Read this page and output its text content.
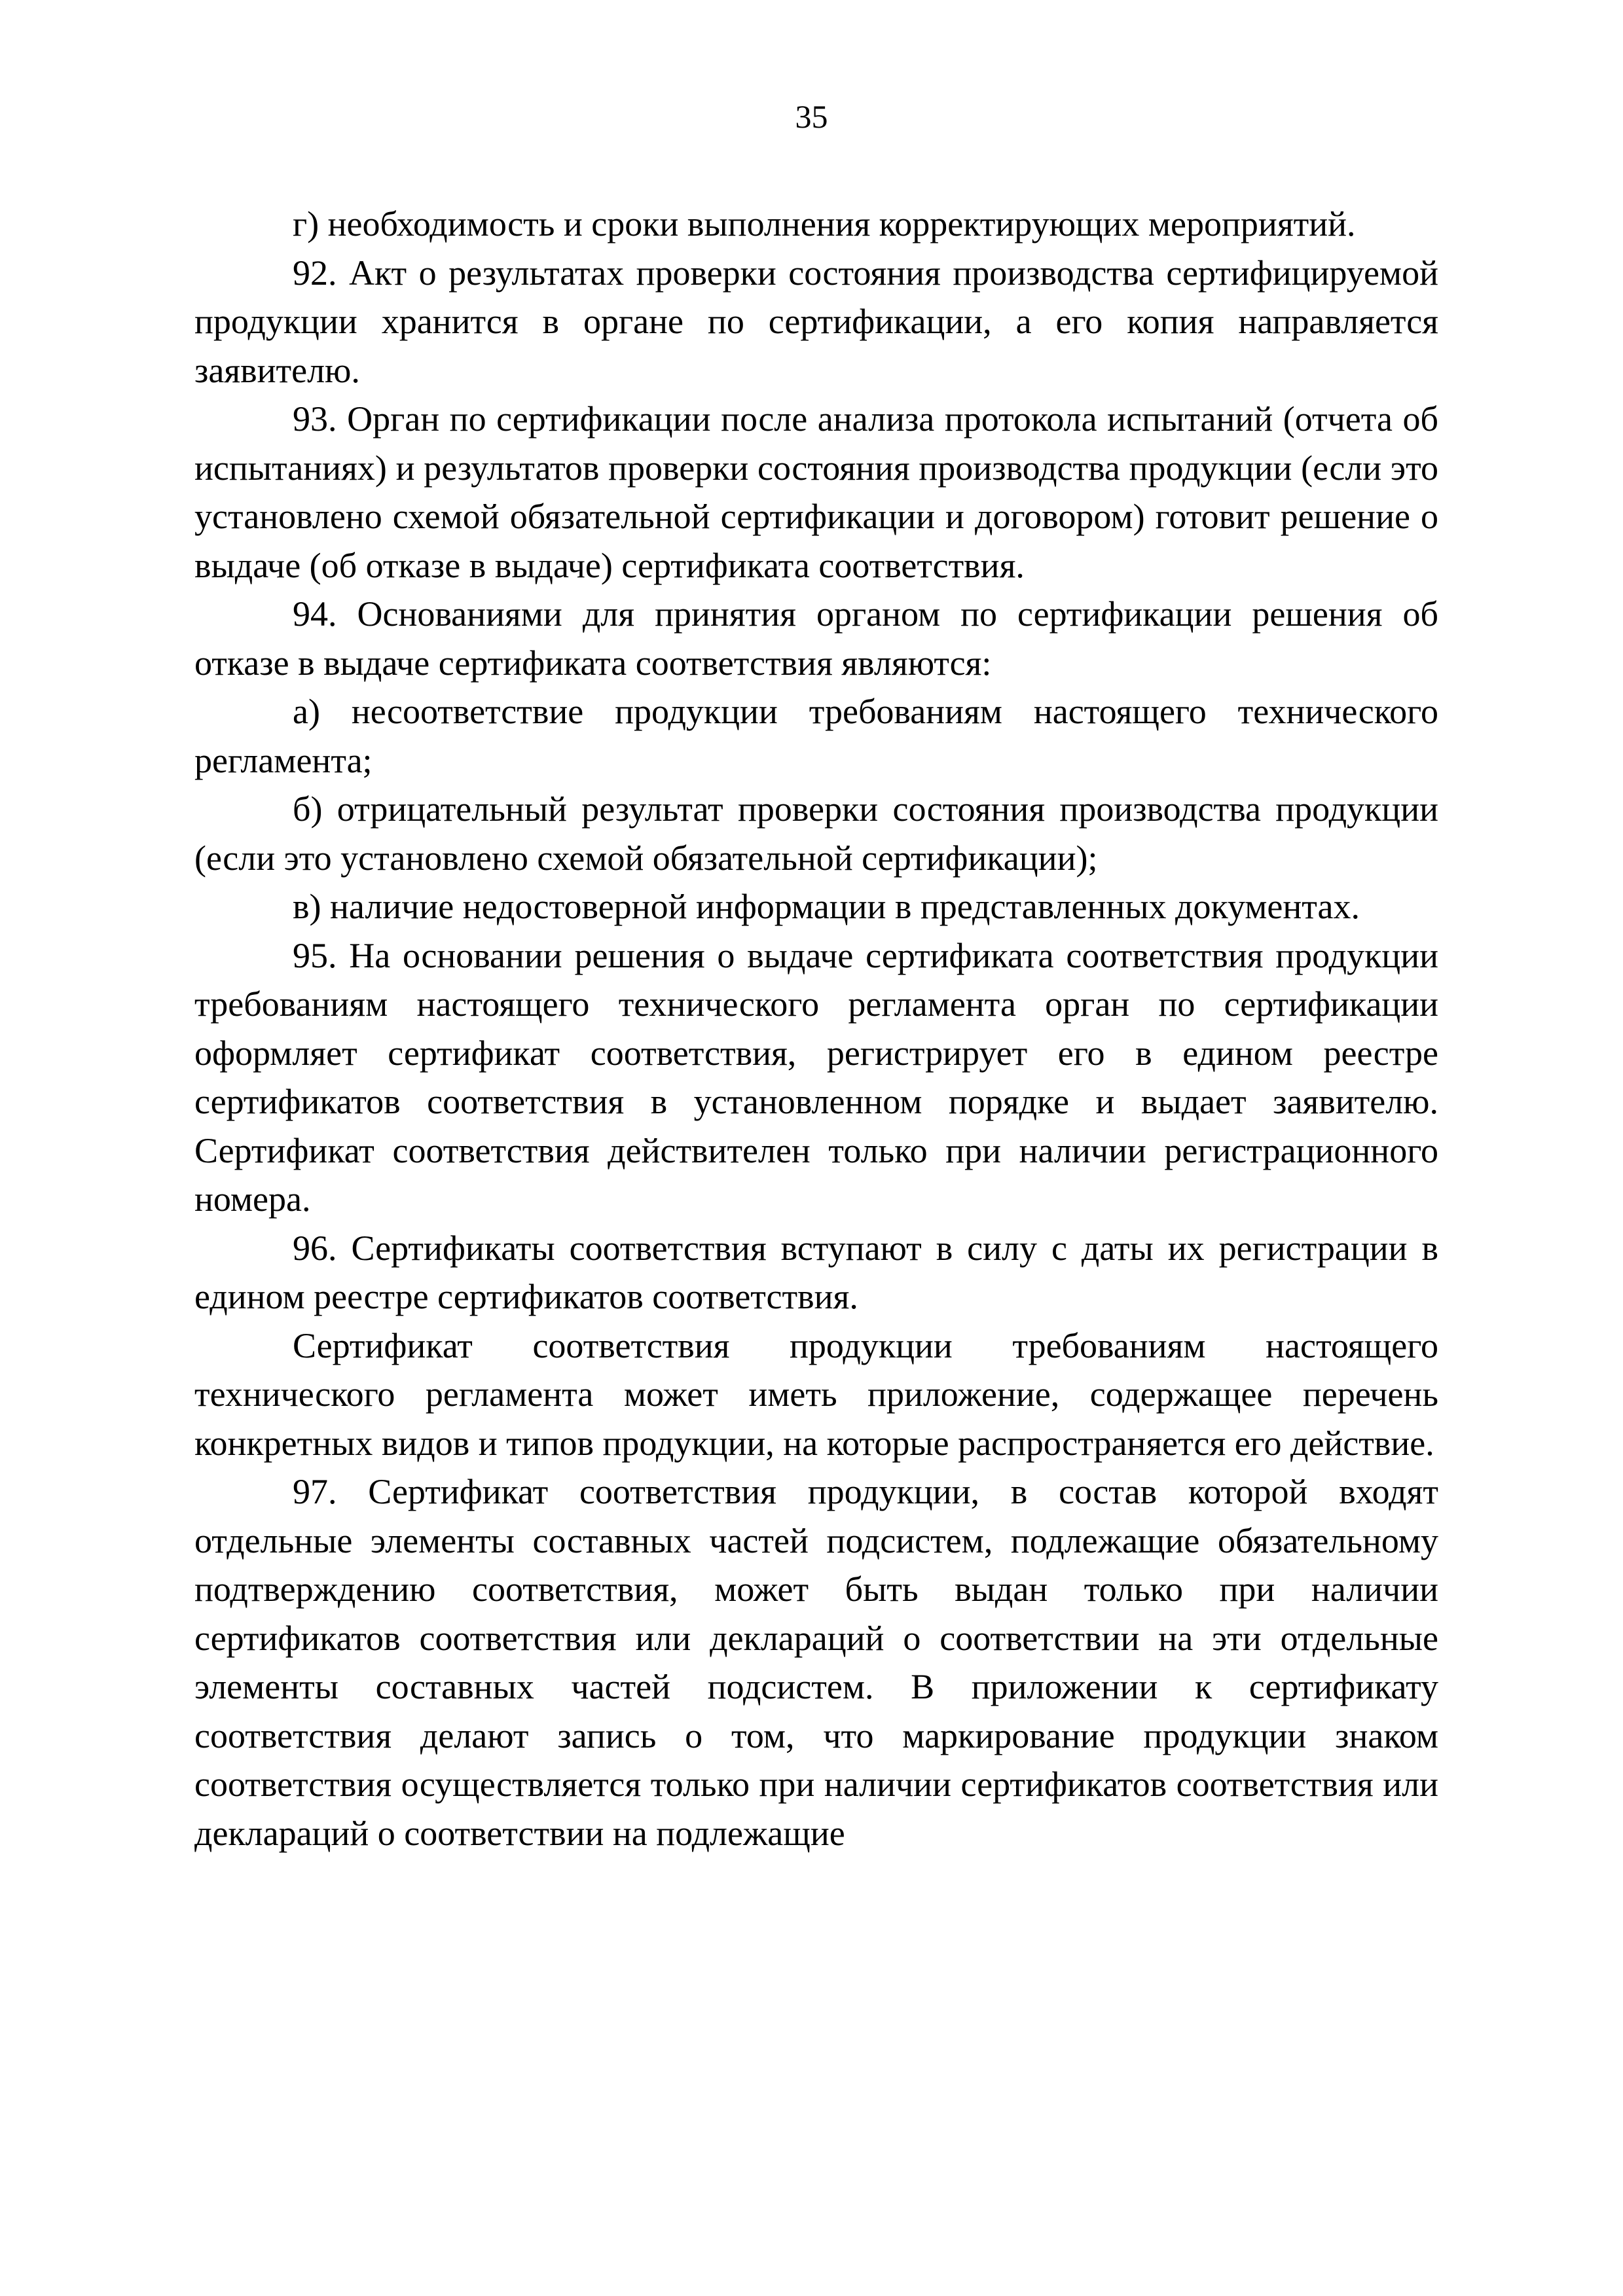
35

г) необходимость и сроки выполнения корректирующих мероприятий.

92. Акт о результатах проверки состояния производства сертифицируемой продукции хранится в органе по сертификации, а его копия направляется заявителю.

93. Орган по сертификации после анализа протокола испытаний (отчета об испытаниях) и результатов проверки состояния производства продукции (если это установлено схемой обязательной сертификации и договором) готовит решение о выдаче (об отказе в выдаче) сертификата соответствия.

94. Основаниями для принятия органом по сертификации решения об отказе в выдаче сертификата соответствия являются:

а) несоответствие продукции требованиям настоящего технического регламента;

б) отрицательный результат проверки состояния производства продукции (если это установлено схемой обязательной сертификации);

в) наличие недостоверной информации в представленных документах.

95. На основании решения о выдаче сертификата соответствия продукции требованиям настоящего технического регламента орган по сертификации оформляет сертификат соответствия, регистрирует его в едином реестре сертификатов соответствия в установленном порядке и выдает заявителю. Сертификат соответствия действителен только при наличии регистрационного номера.

96. Сертификаты соответствия вступают в силу с даты их регистрации в едином реестре сертификатов соответствия.

Сертификат соответствия продукции требованиям настоящего технического регламента может иметь приложение, содержащее перечень конкретных видов и типов продукции, на которые распространяется его действие.

97. Сертификат соответствия продукции, в состав которой входят отдельные элементы составных частей подсистем, подлежащие обязательному подтверждению соответствия, может быть выдан только при наличии сертификатов соответствия или деклараций о соответствии на эти отдельные элементы составных частей подсистем. В приложении к сертификату соответствия делают запись о том, что маркирование продукции знаком соответствия осуществляется только при наличии сертификатов соответствия или деклараций о соответствии на подлежащие
